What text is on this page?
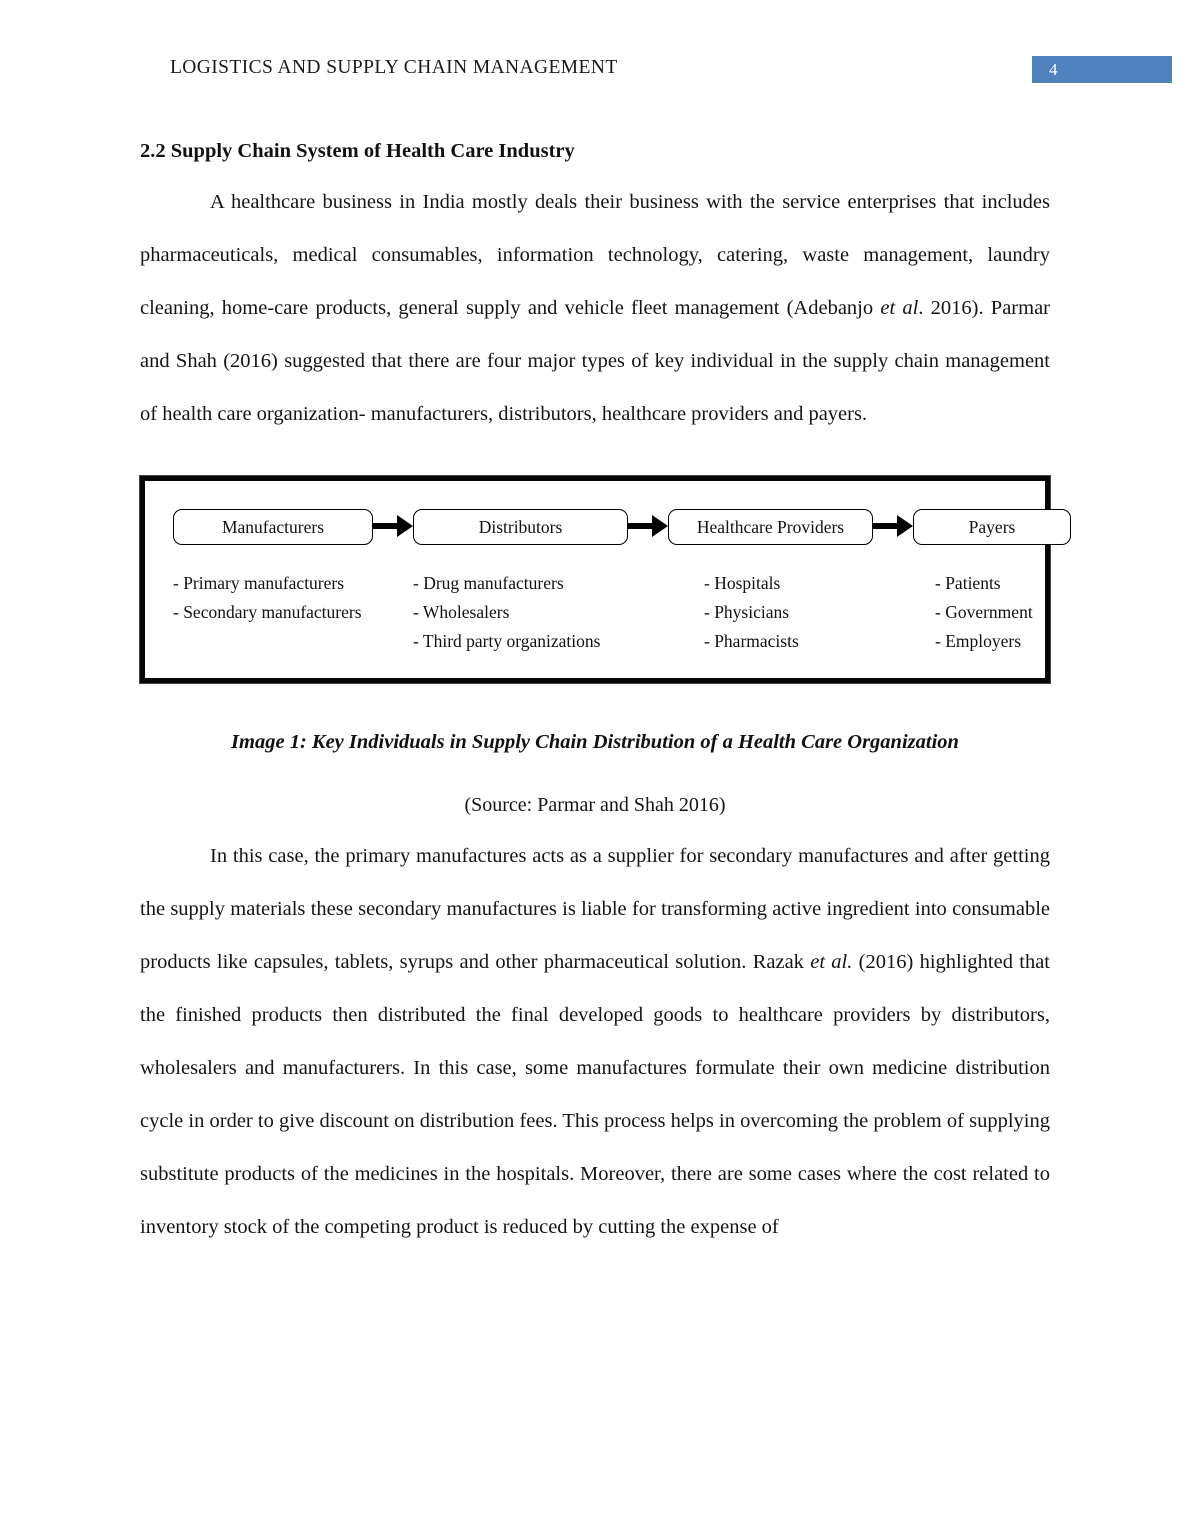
LOGISTICS AND SUPPLY CHAIN MANAGEMENT	4
2.2 Supply Chain System of Health Care Industry

A healthcare business in India mostly deals their business with the service enterprises that includes pharmaceuticals, medical consumables, information technology, catering, waste management, laundry cleaning, home-care products, general supply and vehicle fleet management (Adebanjo et al. 2016). Parmar and Shah (2016) suggested that there are four major types of key individual in the supply chain management of health care organization- manufacturers, distributors, healthcare providers and payers.

Manufacturers
- Primary manufacturers
- Secondary manufacturers
Distributors
- Drug manufacturers
- Wholesalers
- Third party organizations
Healthcare Providers
- Hospitals
- Physicians
- Pharmacists
Payers
- Patients
- Government
- Employers

Image 1: Key Individuals in Supply Chain Distribution of a Health Care Organization

(Source: Parmar and Shah 2016)

In this case, the primary manufactures acts as a supplier for secondary manufactures and after getting the supply materials these secondary manufactures is liable for transforming active ingredient into consumable products like capsules, tablets, syrups and other pharmaceutical solution. Razak et al. (2016) highlighted that the finished products then distributed the final developed goods to healthcare providers by distributors, wholesalers and manufacturers. In this case, some manufactures formulate their own medicine distribution cycle in order to give discount on distribution fees. This process helps in overcoming the problem of supplying substitute products of the medicines in the hospitals. Moreover, there are some cases where the cost related to inventory stock of the competing product is reduced by cutting the expense of
